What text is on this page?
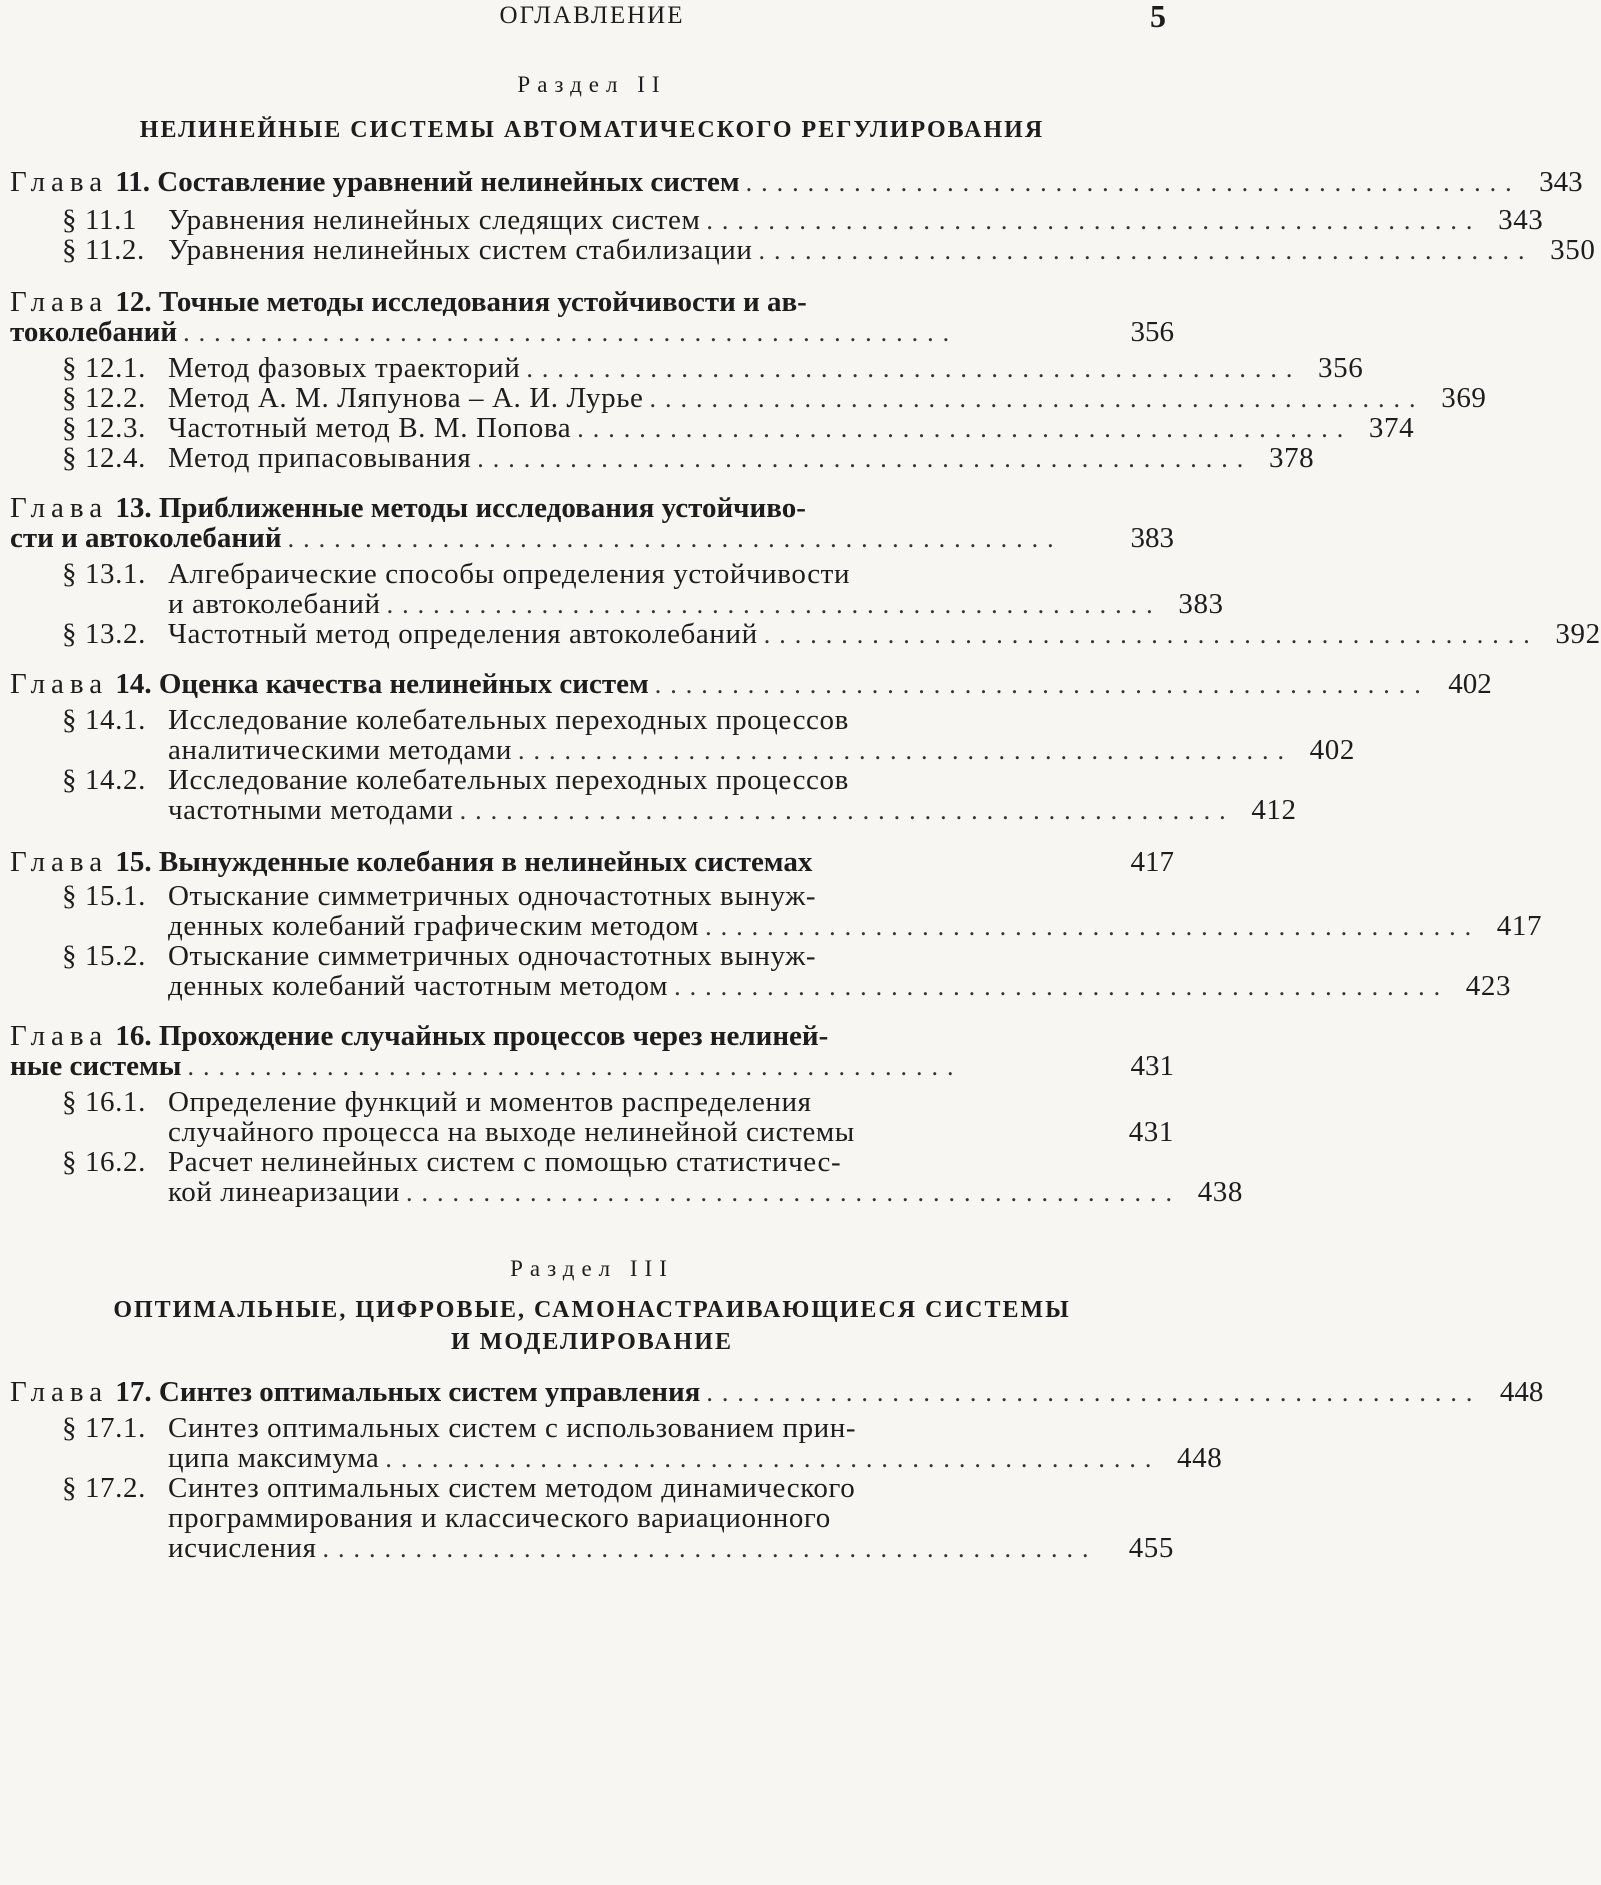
ОГЛАВЛЕНИЕ	5
Раздел II
НЕЛИНЕЙНЫЕ СИСТЕМЫ АВТОМАТИЧЕСКОГО РЕГУЛИРОВАНИЯ
Глава 11. Составление уравнений нелинейных систем .................................................. 343
§ 11.1 Уравнения нелинейных следящих систем .................................................. 343
§ 11.2. Уравнения нелинейных систем стабилизации .................................................. 350
Глава 12. Точные методы исследования устойчивости и ав-
токолебаний ..................................................	356
§ 12.1. Метод фазовых траекторий .................................................. 356
§ 12.2. Метод А. М. Ляпунова – А. И. Лурье .................................................. 369
§ 12.3. Частотный метод В. М. Попова .................................................. 374
§ 12.4. Метод припасовывания .................................................. 378
Глава 13. Приближенные методы исследования устойчиво-
сти и автоколебаний ..................................................	383
§ 13.1. Алгебраические способы определения устойчивости
и автоколебаний .................................................. 383
§ 13.2. Частотный метод определения автоколебаний .................................................. 392
Глава 14. Оценка качества нелинейных систем .................................................. 402
§ 14.1. Исследование колебательных переходных процессов
аналитическими методами .................................................. 402
§ 14.2. Исследование колебательных переходных процессов
частотными методами .................................................. 412
Глава 15. Вынужденные колебания в нелинейных системах	417
§ 15.1. Отыскание симметричных одночастотных вынуж-
денных колебаний графическим методом .................................................. 417
§ 15.2. Отыскание симметричных одночастотных вынуж-
денных колебаний частотным методом .................................................. 423
Глава 16. Прохождение случайных процессов через нелиней-
ные системы ..................................................	431
§ 16.1. Определение функций и моментов распределения
случайного процесса на выходе нелинейной системы	431
§ 16.2. Расчет нелинейных систем с помощью статистичес-
кой линеаризации .................................................. 438
Раздел III
ОПТИМАЛЬНЫЕ, ЦИФРОВЫЕ, САМОНАСТРАИВАЮЩИЕСЯ СИСТЕМЫ
И МОДЕЛИРОВАНИЕ
Глава 17. Синтез оптимальных систем управления .................................................. 448
§ 17.1. Синтез оптимальных систем с использованием прин-
ципа максимума .................................................. 448
§ 17.2. Синтез оптимальных систем методом динамического
программирования и классического вариационного
исчисления ..................................................	455
